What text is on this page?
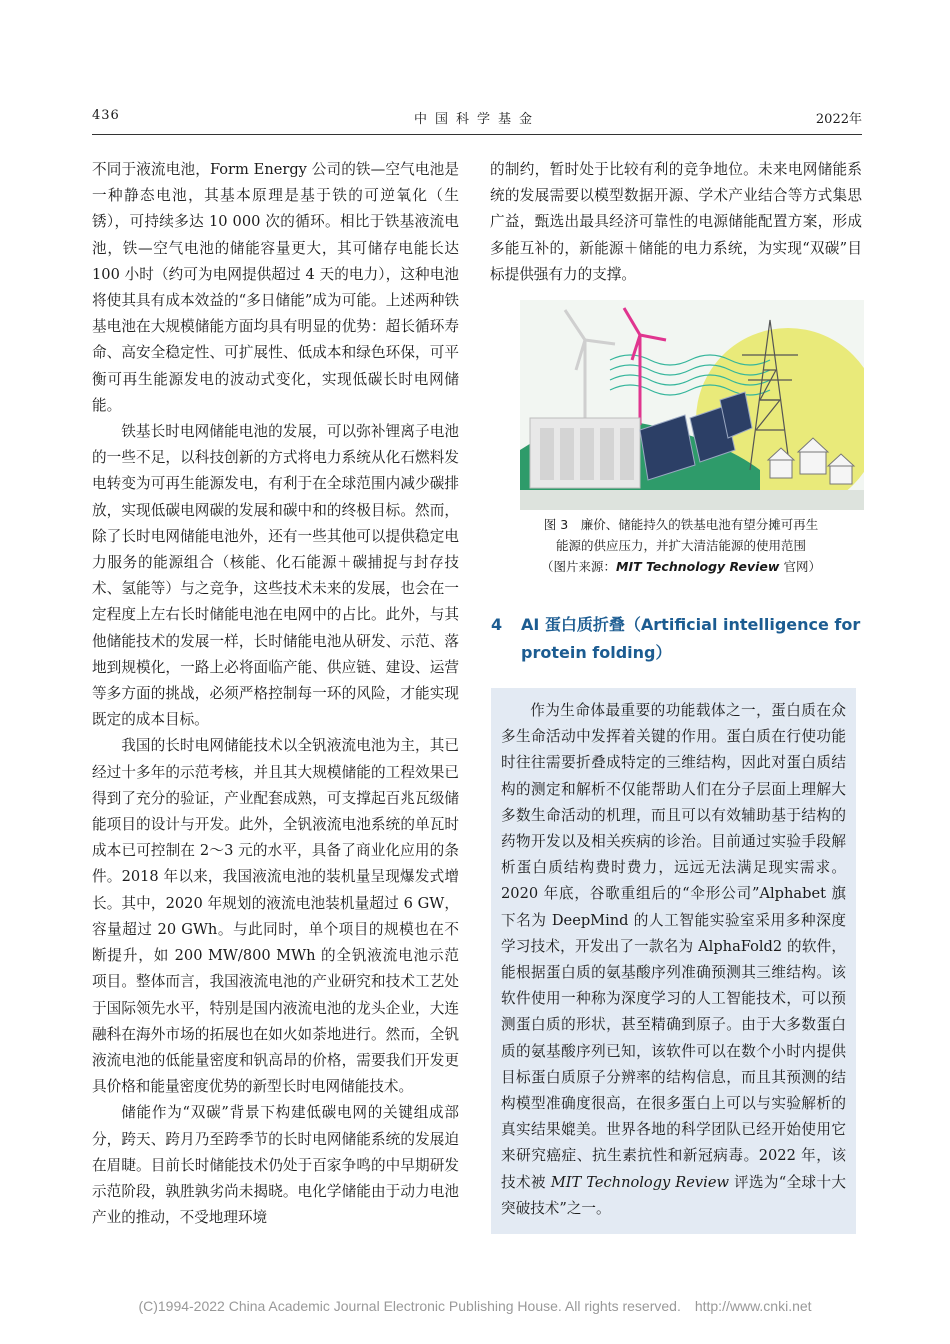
436	中国科学基金	2022年

不同于液流电池，Form Energy 公司的铁—空气电池是一种静态电池，其基本原理是基于铁的可逆氧化（生锈），可持续多达 10 000 次的循环。相比于铁基液流电池，铁—空气电池的储能容量更大，其可储存电能长达 100 小时（约可为电网提供超过 4 天的电力），这种电池将使其具有成本效益的“多日储能”成为可能。上述两种铁基电池在大规模储能方面均具有明显的优势：超长循环寿命、高安全稳定性、可扩展性、低成本和绿色环保，可平衡可再生能源发电的波动式变化，实现低碳长时电网储能。

铁基长时电网储能电池的发展，可以弥补锂离子电池的一些不足，以科技创新的方式将电力系统从化石燃料发电转变为可再生能源发电，有利于在全球范围内减少碳排放，实现低碳电网碳的发展和碳中和的终极目标。然而，除了长时电网储能电池外，还有一些其他可以提供稳定电力服务的能源组合（核能、化石能源＋碳捕捉与封存技术、氢能等）与之竞争，这些技术未来的发展，也会在一定程度上左右长时储能电池在电网中的占比。此外，与其他储能技术的发展一样，长时储能电池从研发、示范、落地到规模化，一路上必将面临产能、供应链、建设、运营等多方面的挑战，必须严格控制每一环的风险，才能实现既定的成本目标。

我国的长时电网储能技术以全钒液流电池为主，其已经过十多年的示范考核，并且其大规模储能的工程效果已得到了充分的验证，产业配套成熟，可支撑起百兆瓦级储能项目的设计与开发。此外，全钒液流电池系统的单瓦时成本已可控制在 2～3 元的水平，具备了商业化应用的条件。2018 年以来，我国液流电池的装机量呈现爆发式增长。其中，2020 年规划的液流电池装机量超过 6 GW，容量超过 20 GWh。与此同时，单个项目的规模也在不断提升，如 200 MW/800 MWh 的全钒液流电池示范项目。整体而言，我国液流电池的产业研究和技术工艺处于国际领先水平，特别是国内液流电池的龙头企业，大连融科在海外市场的拓展也在如火如荼地进行。然而，全钒液流电池的低能量密度和钒高昂的价格，需要我们开发更具价格和能量密度优势的新型长时电网储能技术。

储能作为“双碳”背景下构建低碳电网的关键组成部分，跨天、跨月乃至跨季节的长时电网储能系统的发展迫在眉睫。目前长时储能技术仍处于百家争鸣的中早期研发示范阶段，孰胜孰劣尚未揭晓。电化学储能由于动力电池产业的推动，不受地理环境

的制约，暂时处于比较有利的竞争地位。未来电网储能系统的发展需要以模型数据开源、学术产业结合等方式集思广益，甄选出最具经济可靠性的电源储能配置方案，形成多能互补的，新能源＋储能的电力系统，为实现“双碳”目标提供强有力的支撑。

图 3　廉价、储能持久的铁基电池有望分摊可再生
能源的供应压力，并扩大清洁能源的使用范围
（图片来源：MIT Technology Review 官网）
4 AI 蛋白质折叠（Artificial intelligence for protein folding）

作为生命体最重要的功能载体之一，蛋白质在众多生命活动中发挥着关键的作用。蛋白质在行使功能时往往需要折叠成特定的三维结构，因此对蛋白质结构的测定和解析不仅能帮助人们在分子层面上理解大多数生命活动的机理，而且可以有效辅助基于结构的药物开发以及相关疾病的诊治。目前通过实验手段解析蛋白质结构费时费力，远远无法满足现实需求。2020 年底，谷歌重组后的“伞形公司”Alphabet 旗下名为 DeepMind 的人工智能实验室采用多种深度学习技术，开发出了一款名为 AlphaFold2 的软件，能根据蛋白质的氨基酸序列准确预测其三维结构。该软件使用一种称为深度学习的人工智能技术，可以预测蛋白质的形状，甚至精确到原子。由于大多数蛋白质的氨基酸序列已知，该软件可以在数个小时内提供目标蛋白质原子分辨率的结构信息，而且其预测的结构模型准确度很高，在很多蛋白上可以与实验解析的真实结果媲美。世界各地的科学团队已经开始使用它来研究癌症、抗生素抗性和新冠病毒。2022 年，该技术被 MIT Technology Review 评选为“全球十大突破技术”之一。

(C)1994-2022 China Academic Journal Electronic Publishing House. All rights reserved.　http://www.cnki.net
